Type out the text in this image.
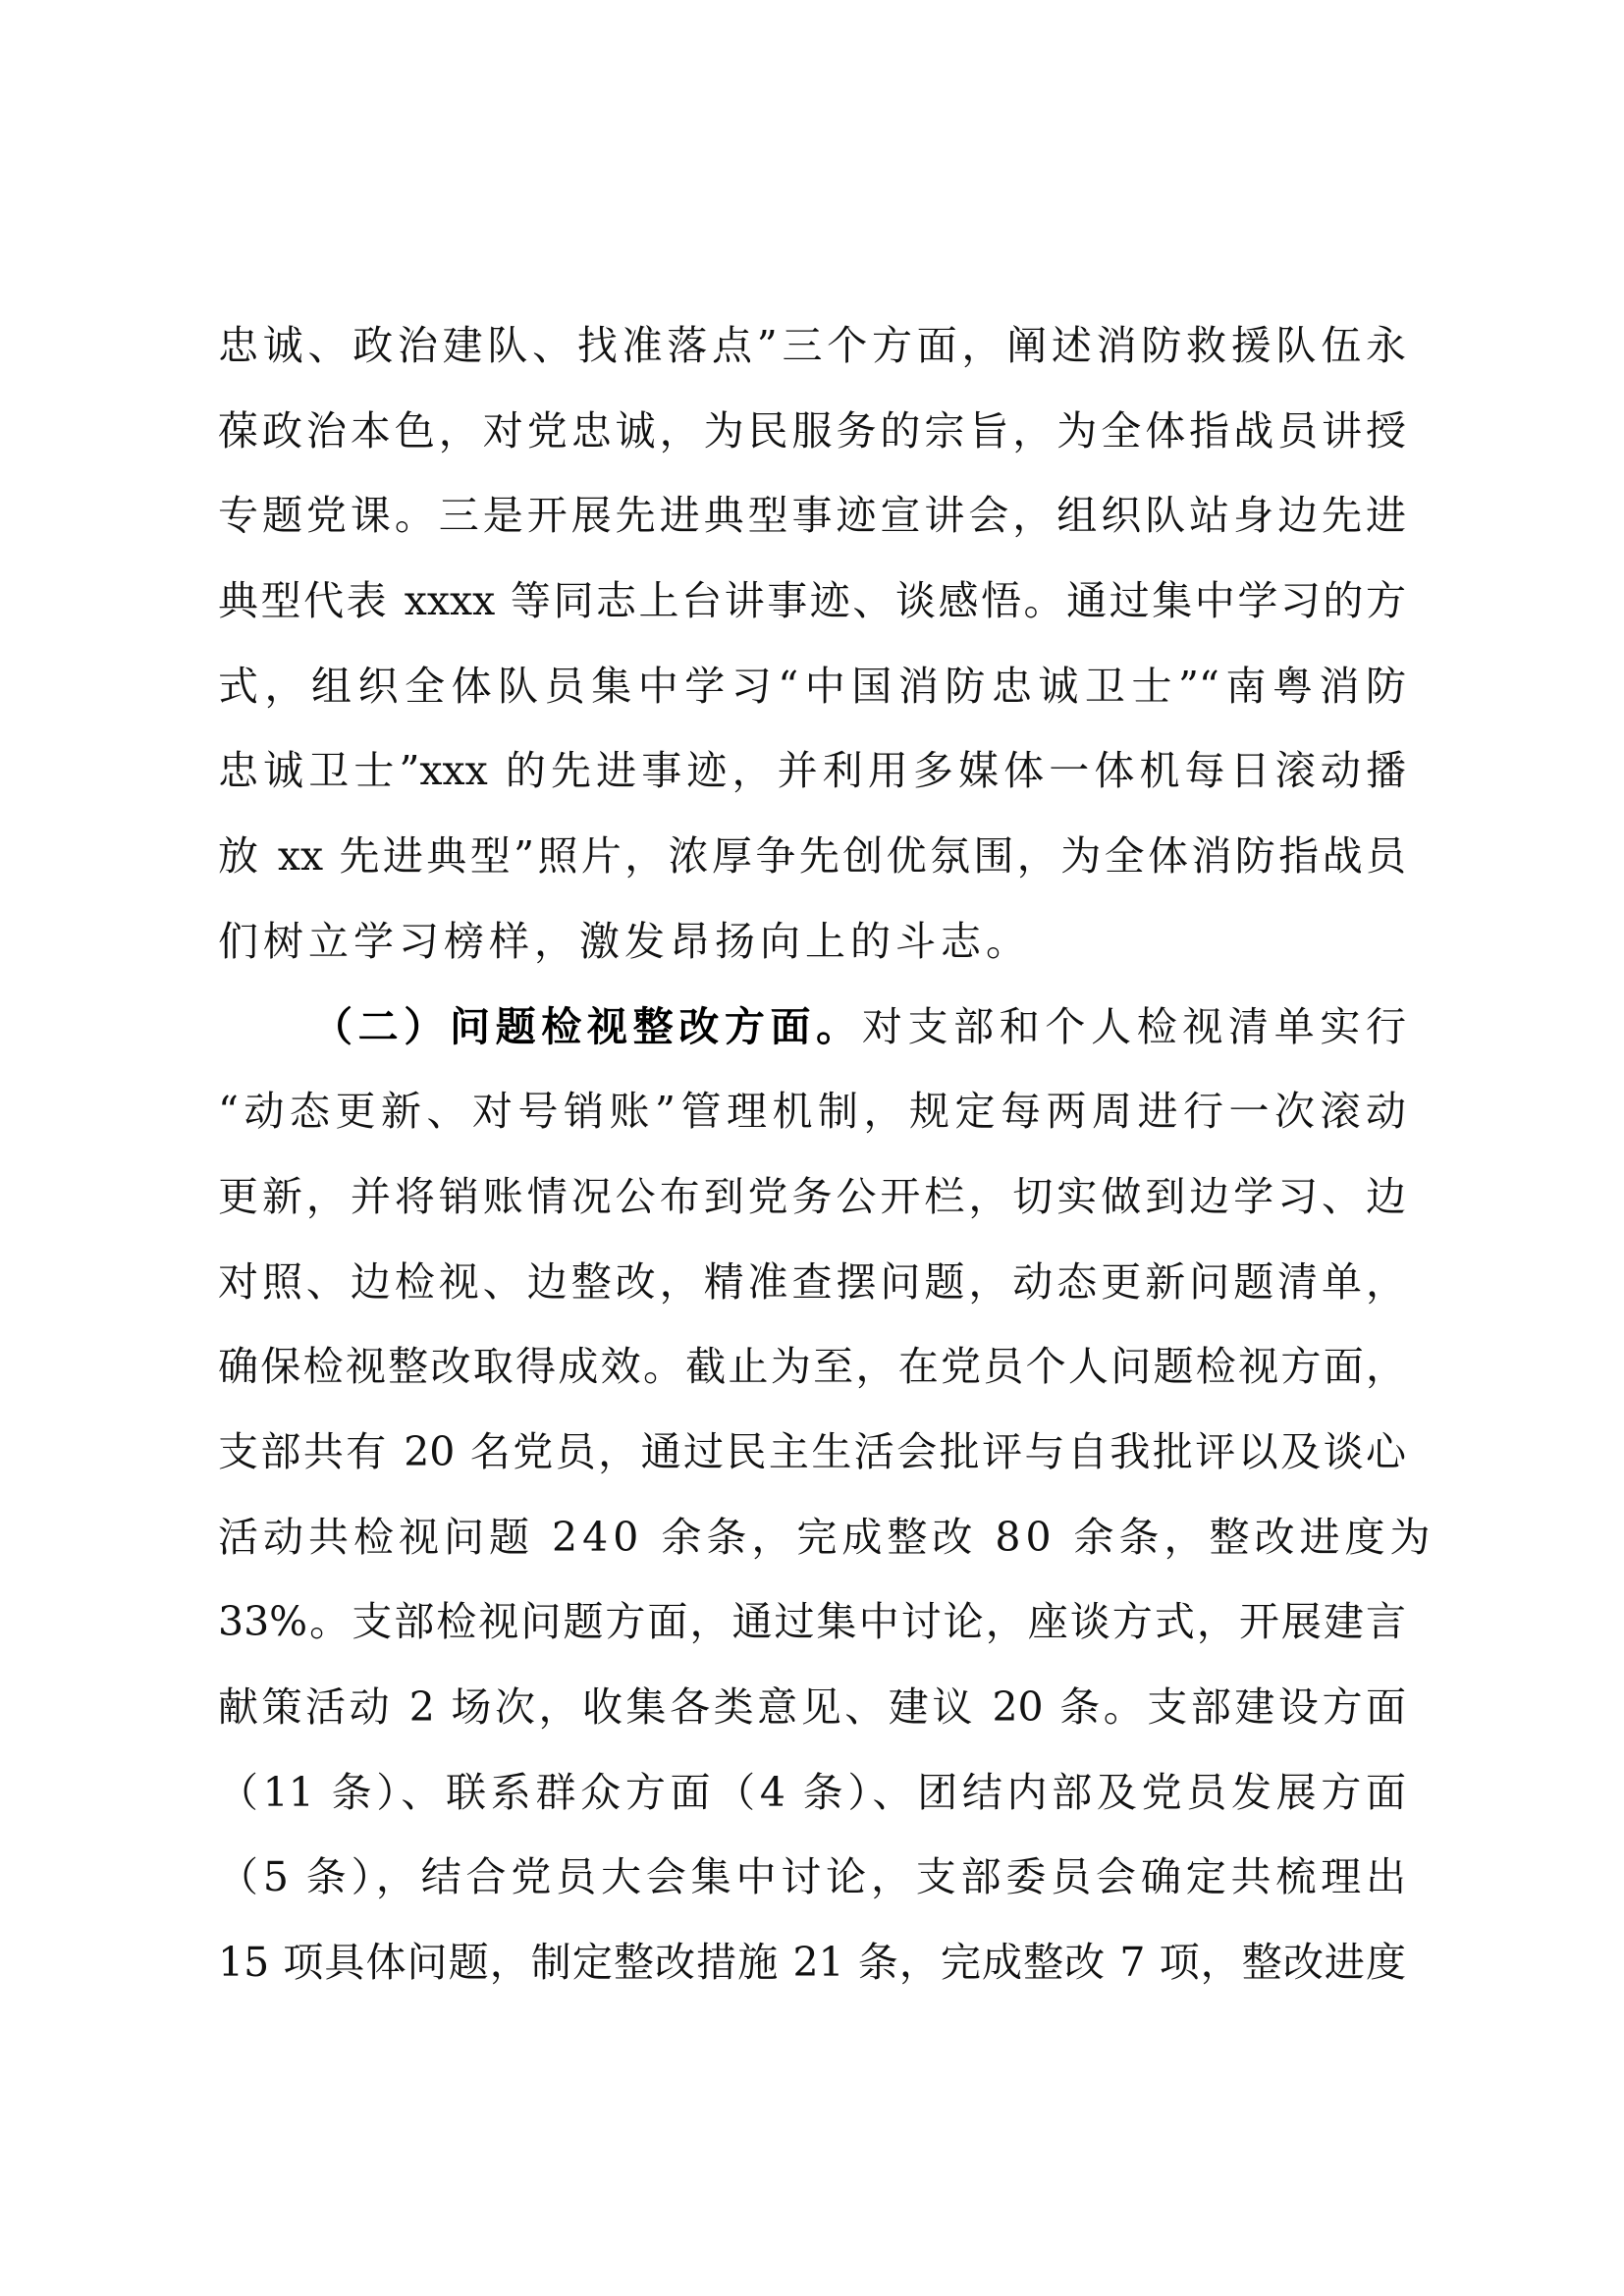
忠诚、政治建队、找准落点”三个方面，阐述消防救援队伍永
葆政治本色，对党忠诚，为民服务的宗旨，为全体指战员讲授
专题党课。三是开展先进典型事迹宣讲会，组织队站身边先进
典型代表 xxxx 等同志上台讲事迹、谈感悟。通过集中学习的方
式，组织全体队员集中学习“中国消防忠诚卫士”“南粤消防
忠诚卫士”xxx 的先进事迹，并利用多媒体一体机每日滚动播
放 xx 先进典型”照片，浓厚争先创优氛围，为全体消防指战员
们树立学习榜样，激发昂扬向上的斗志。
（二）问题检视整改方面。对支部和个人检视清单实行
“动态更新、对号销账”管理机制，规定每两周进行一次滚动
更新，并将销账情况公布到党务公开栏，切实做到边学习、边
对照、边检视、边整改，精准查摆问题，动态更新问题清单，
确保检视整改取得成效。截止为至，在党员个人问题检视方面，
支部共有 20 名党员，通过民主生活会批评与自我批评以及谈心
活动共检视问题 240 余条，完成整改 80 余条，整改进度为
33%。支部检视问题方面，通过集中讨论，座谈方式，开展建言
献策活动 2 场次，收集各类意见、建议 20 条。支部建设方面
（11 条）、联系群众方面（4 条）、团结内部及党员发展方面
（5 条），结合党员大会集中讨论，支部委员会确定共梳理出
15 项具体问题，制定整改措施 21 条，完成整改 7 项，整改进度
